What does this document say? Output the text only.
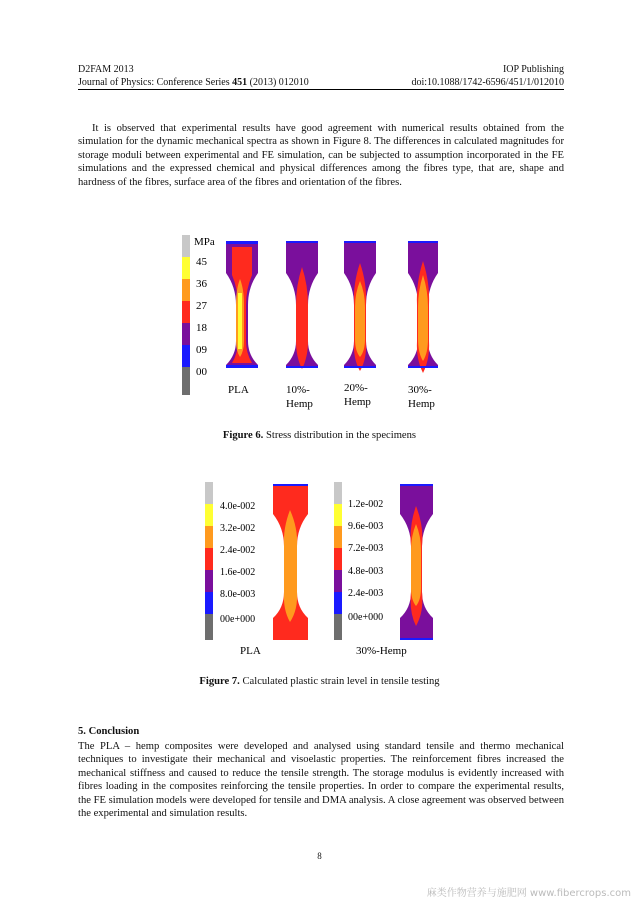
D2FAM 2013	IOP Publishing
Journal of Physics: Conference Series 451 (2013) 012010	doi:10.1088/1742-6596/451/1/012010
It is observed that experimental results have good agreement with numerical results obtained from the simulation for the dynamic mechanical spectra as shown in Figure 8. The differences in calculated magnitudes for storage moduli between experimental and FE simulation, can be subjected to assumption incorporated in the FE simulations and the expressed chemical and physical differences among the fibres type, that are, shape and hardness of the fibres, surface area of the fibres and orientation of the fibres.
MPa
45
36
27
18
09
00
PLA	10%-
Hemp
20%-
Hemp
30%-
Hemp
Figure 6. Stress distribution in the specimens
4.0e-002
3.2e-002
2.4e-002
1.6e-002
8.0e-003
00e+000
1.2e-002
9.6e-003
7.2e-003
4.8e-003
2.4e-003
00e+000
PLA	30%-Hemp
Figure 7. Calculated plastic strain level in tensile testing
5. Conclusion
The PLA – hemp composites were developed and analysed using standard tensile and thermo mechanical techniques to investigate their mechanical and visoelastic properties. The reinforcement fibres increased the mechanical stiffness and caused to reduce the tensile strength. The storage modulus is evidently increased with fibres loading in the composites reinforcing the tensile properties. In order to compare the experimental results, the FE simulation models were developed for tensile and DMA analysis. A close agreement was observed between the experimental and simulation results.
8
麻类作物营养与施肥网 www.fibercrops.com
